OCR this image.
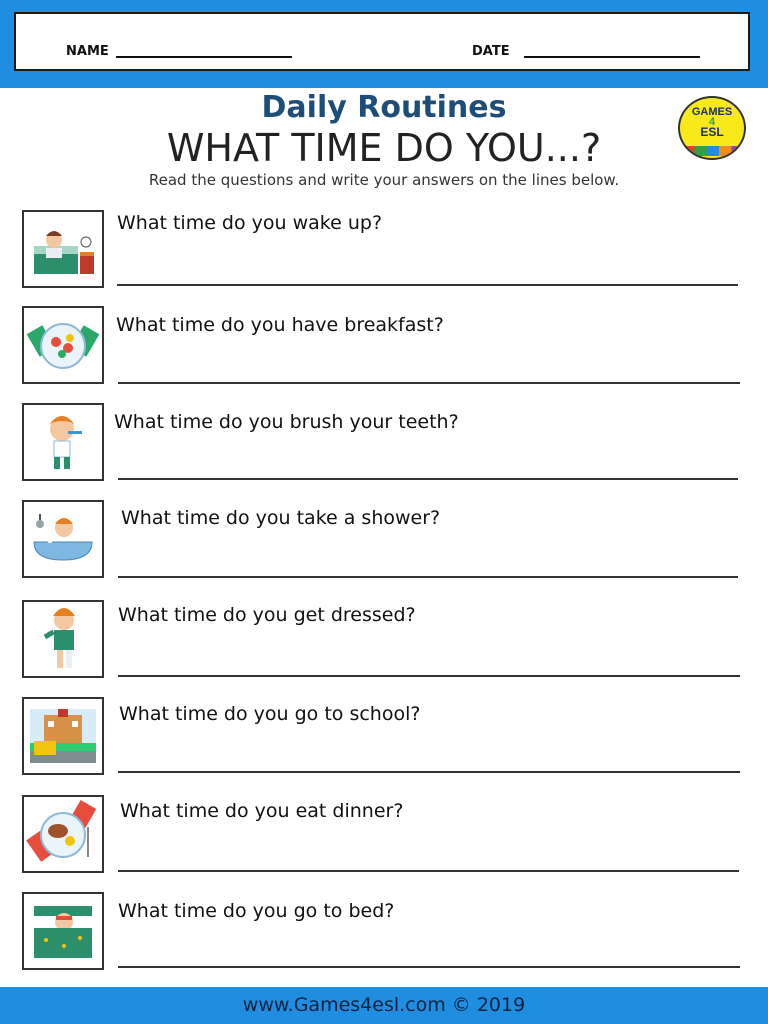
NAME	DATE
Daily Routines
WHAT TIME DO YOU...?
Read the questions and write your answers on the lines below.
GAMES
4
ESL
What time do you wake up?
What time do you have breakfast?
What time do you brush your teeth?
What time do you take a shower?
What time do you get dressed?
What time do you go to school?
What time do you eat dinner?
What time do you go to bed?
www.Games4esl.com © 2019
